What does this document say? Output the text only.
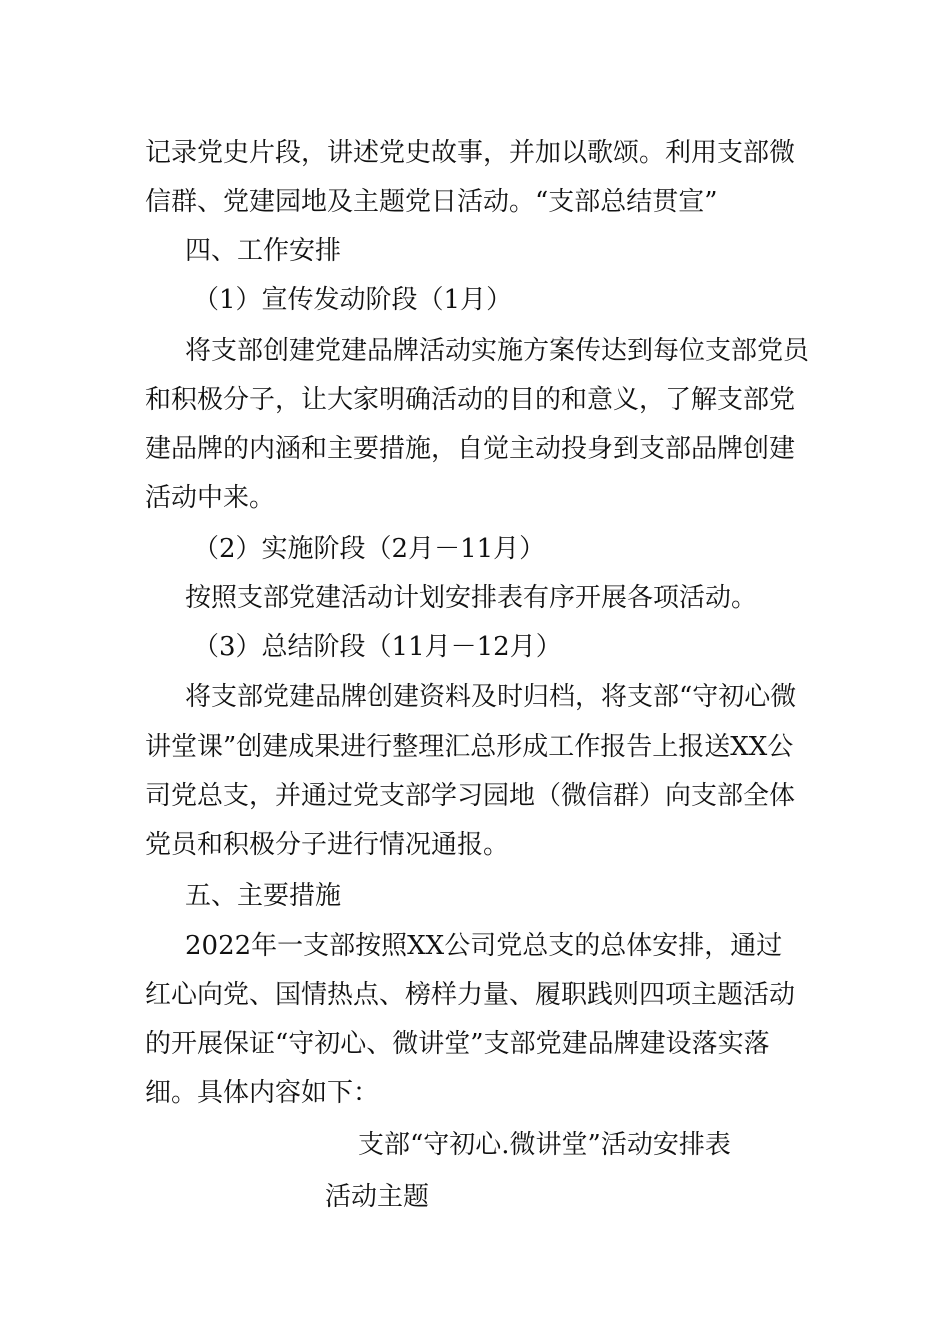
记录党史片段，讲述党史故事，并加以歌颂。利用支部微
信群、党建园地及主题党日活动。“支部总结贯宣”
四、工作安排
（1）宣传发动阶段（1月）
将支部创建党建品牌活动实施方案传达到每位支部党员
和积极分子，让大家明确活动的目的和意义，了解支部党
建品牌的内涵和主要措施，自觉主动投身到支部品牌创建
活动中来。
（2）实施阶段（2月－11月）
按照支部党建活动计划安排表有序开展各项活动。
（3）总结阶段（11月－12月）
将支部党建品牌创建资料及时归档，将支部“守初心微
讲堂课”创建成果进行整理汇总形成工作报告上报送XX公
司党总支，并通过党支部学习园地（微信群）向支部全体
党员和积极分子进行情况通报。
五、主要措施
2022年一支部按照XX公司党总支的总体安排，通过
红心向党、国情热点、榜样力量、履职践则四项主题活动
的开展保证“守初心、微讲堂”支部党建品牌建设落实落
细。具体内容如下：
支部“守初心.微讲堂”活动安排表
活动主题
